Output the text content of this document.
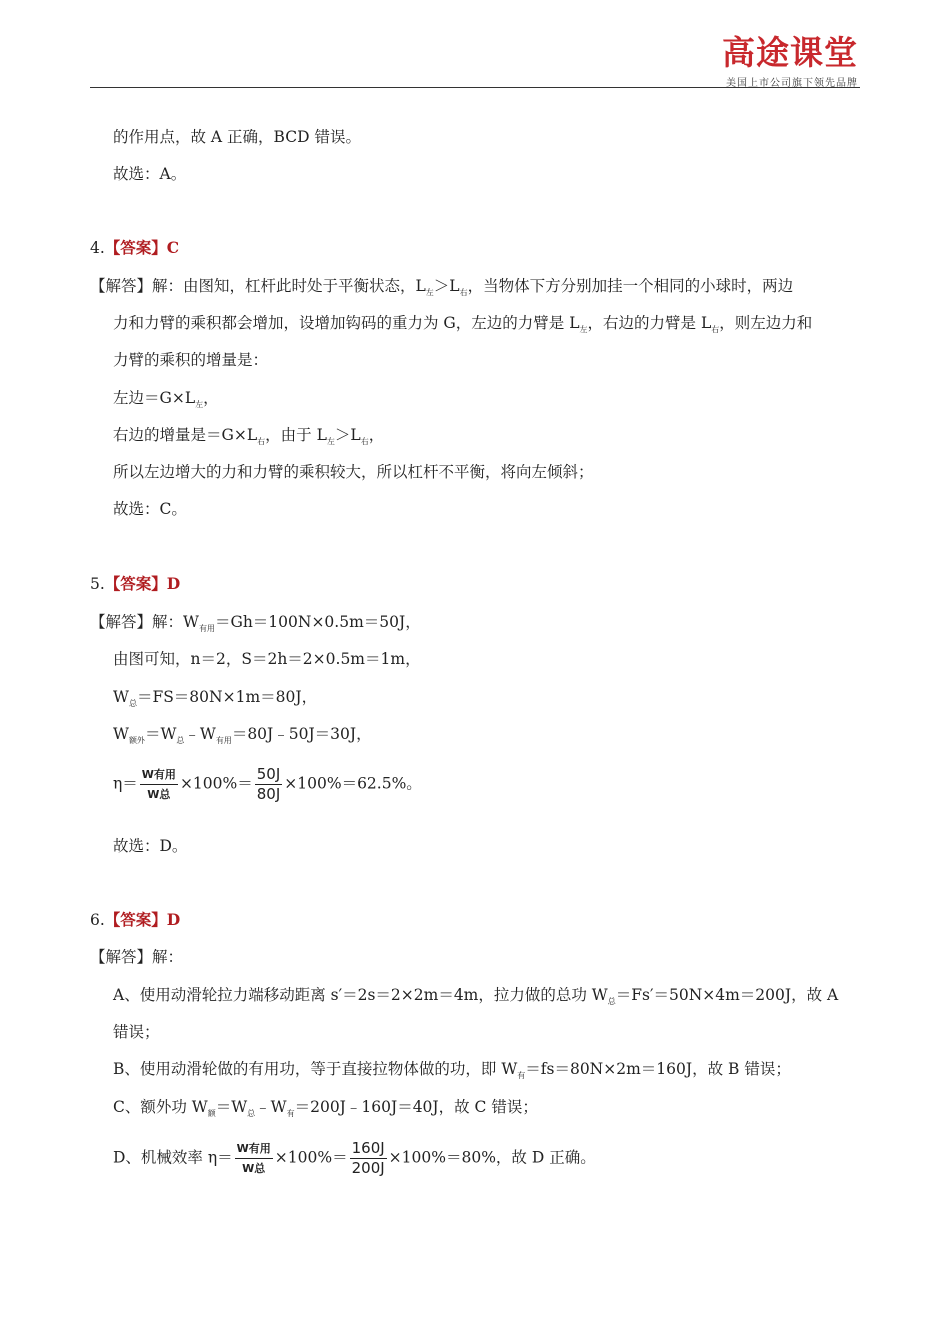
高途课堂
美国上市公司旗下领先品牌
的作用点，故 A 正确，BCD 错误。
故选：A。
4.【答案】C
【解答】解：由图知，杠杆此时处于平衡状态，$L_左>L_右$，当物体下方分别加挂一个相同的小球时，两边
力和力臂的乘积都会增加，设增加钩码的重力为 G，左边的力臂是 $L_左$，右边的力臂是 $L_右$，则左边力和
力臂的乘积的增量是：
左边$=G\times L_左$，
右边的增量是$=G\times L_右$，由于 $L_左>L_右$，
所以左边增大的力和力臂的乘积较大，所以杠杆不平衡，将向左倾斜；
故选：C。
5.【答案】D
【解答】解：$W_{有用}=Gh=100N\times 0.5m=50J$，
由图可知，n＝2，S＝2h＝2×0.5m＝1m，
$W_总=FS=80N\times 1m=80J$，
$W_{额外}=W_总﹣W_{有用}=80J﹣50J=30J$，
$\eta= \frac{\text{W有用}}{\text{W总}} \times 100\%= \frac{50J}{80J} \times 100\%=62.5\%$。
故选：D。
6.【答案】D
【解答】解：
A、使用动滑轮拉力端移动距离 s′＝2s＝2×2m＝4m，拉力做的总功 $W_总=Fs'=50N\times 4m=200J$，故 A
错误；
B、使用动滑轮做的有用功，等于直接拉物体做的功，即 $W_有=fs=80N\times 2m=160J$，故 B 错误；
C、额外功 $W_额=W_总﹣W_有=200J﹣160J=40J$，故 C 错误；
D、机械效率 $\eta= \frac{\text{W有用}}{\text{W总}} \times 100\%= \frac{160J}{200J} \times 100\%=80\%$，故 D 正确。
